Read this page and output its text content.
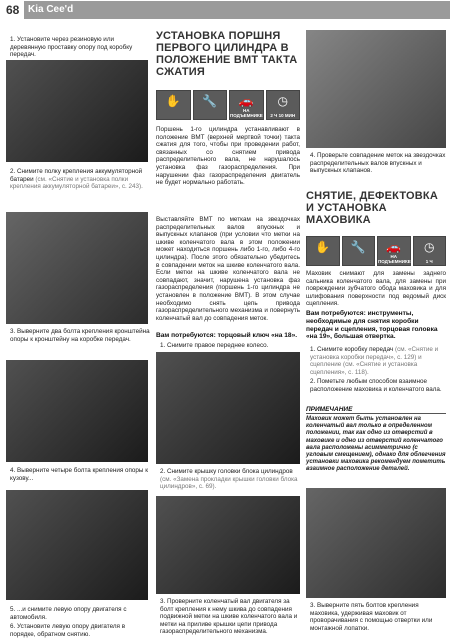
68 Kia Cee'd
1. Установите через резиновую или деревянную проставку опору под коробку передач.
2. Снимите полку крепления аккумуляторной батареи (см. «Снятие и установка полки крепления аккумуляторной батареи», с. 243).
3. Выверните два болта крепления кронштейна опоры к кронштейну на коробке передач.
4. Выверните четыре болта крепления опоры к кузову...
5. ...и снимите левую опору двигателя с автомобиля.
6. Установите левую опору двигателя в порядке, обратном снятию.
УСТАНОВКА ПОРШНЯ ПЕРВОГО ЦИЛИНДРА В ПОЛОЖЕНИЕ ВМТ ТАКТА СЖАТИЯ
✋	🔧	🚗
НА ПОДЪЕМНИКЕ
◷
2 Ч 10 МИН
Поршень 1-го цилиндра устанавливают в положение ВМТ (верхней мертвой точки) такта сжатия для того, чтобы при проведении работ, связанных со снятием привода распределительного вала, не нарушалось установка фаз газораспределения. При нарушении фаз газораспределения двигатель не будет нормально работать.
Выставляйте ВМТ по меткам на звездочках распределительных валов впускных и выпускных клапанов (при условии что метки на шкиве коленчатого вала в этом положении может находиться поршень либо 1-го, либо 4-го цилиндра). После этого обязательно убедитесь в совпадении меток на шкиве коленчатого вала. Если метки на шкиве коленчатого вала не совпадают, значит, нарушена установка фаз газораспределения (поршень 1-го цилиндра не установлен в положение ВМТ). В этом случае необходимо снять цепь привода газораспределительного механизма и повернуть коленчатый вал до совпадения меток.
Вам потребуются: торцовый ключ «на 18».
1. Снимите правое переднее колесо.
2. Снимите крышку головки блока цилиндров (см. «Замена прокладки крышки головки блока цилиндров», с. 69).
3. Проверните коленчатый вал двигателя за болт крепления к нему шкива до совпадения подвижной метки на шкиве коленчатого вала и метки на приливе крышки цепи привода газораспределительного механизма.
4. Проверьте совпадение меток на звездочках распределительных валов впускных и выпускных клапанов.
СНЯТИЕ, ДЕФЕКТОВКА И УСТАНОВКА МАХОВИКА
✋	🔧	🚗
НА ПОДЪЕМНИКЕ
◷
1 Ч
Маховик снимают для замены заднего сальника коленчатого вала, для замены при повреждении зубчатого обода маховика и для шлифования поверхности под ведомый диск сцепления.
Вам потребуются: инструменты, необходимые для снятия коробки передач и сцепления, торцовая головка «на 19», большая отвертка.
1. Снимите коробку передач (см. «Снятие и установка коробки передач», с. 129) и сцепление (см. «Снятие и установка сцепления», с. 118).
2. Пометьте любым способом взаимное расположение маховика и коленчатого вала.
ПРИМЕЧАНИЕ
Маховик может быть установлен на коленчатый вал только в определенном положении, так как одно из отверстий в маховике и одно из отверстий коленчатого вала расположены асимметрично (с угловым смещением), однако для облегчения установки маховика рекомендуем пометить взаимное расположение деталей.
3. Выверните пять болтов крепления маховика, удерживая маховик от проворачивания с помощью отвертки или монтажной лопатки.
